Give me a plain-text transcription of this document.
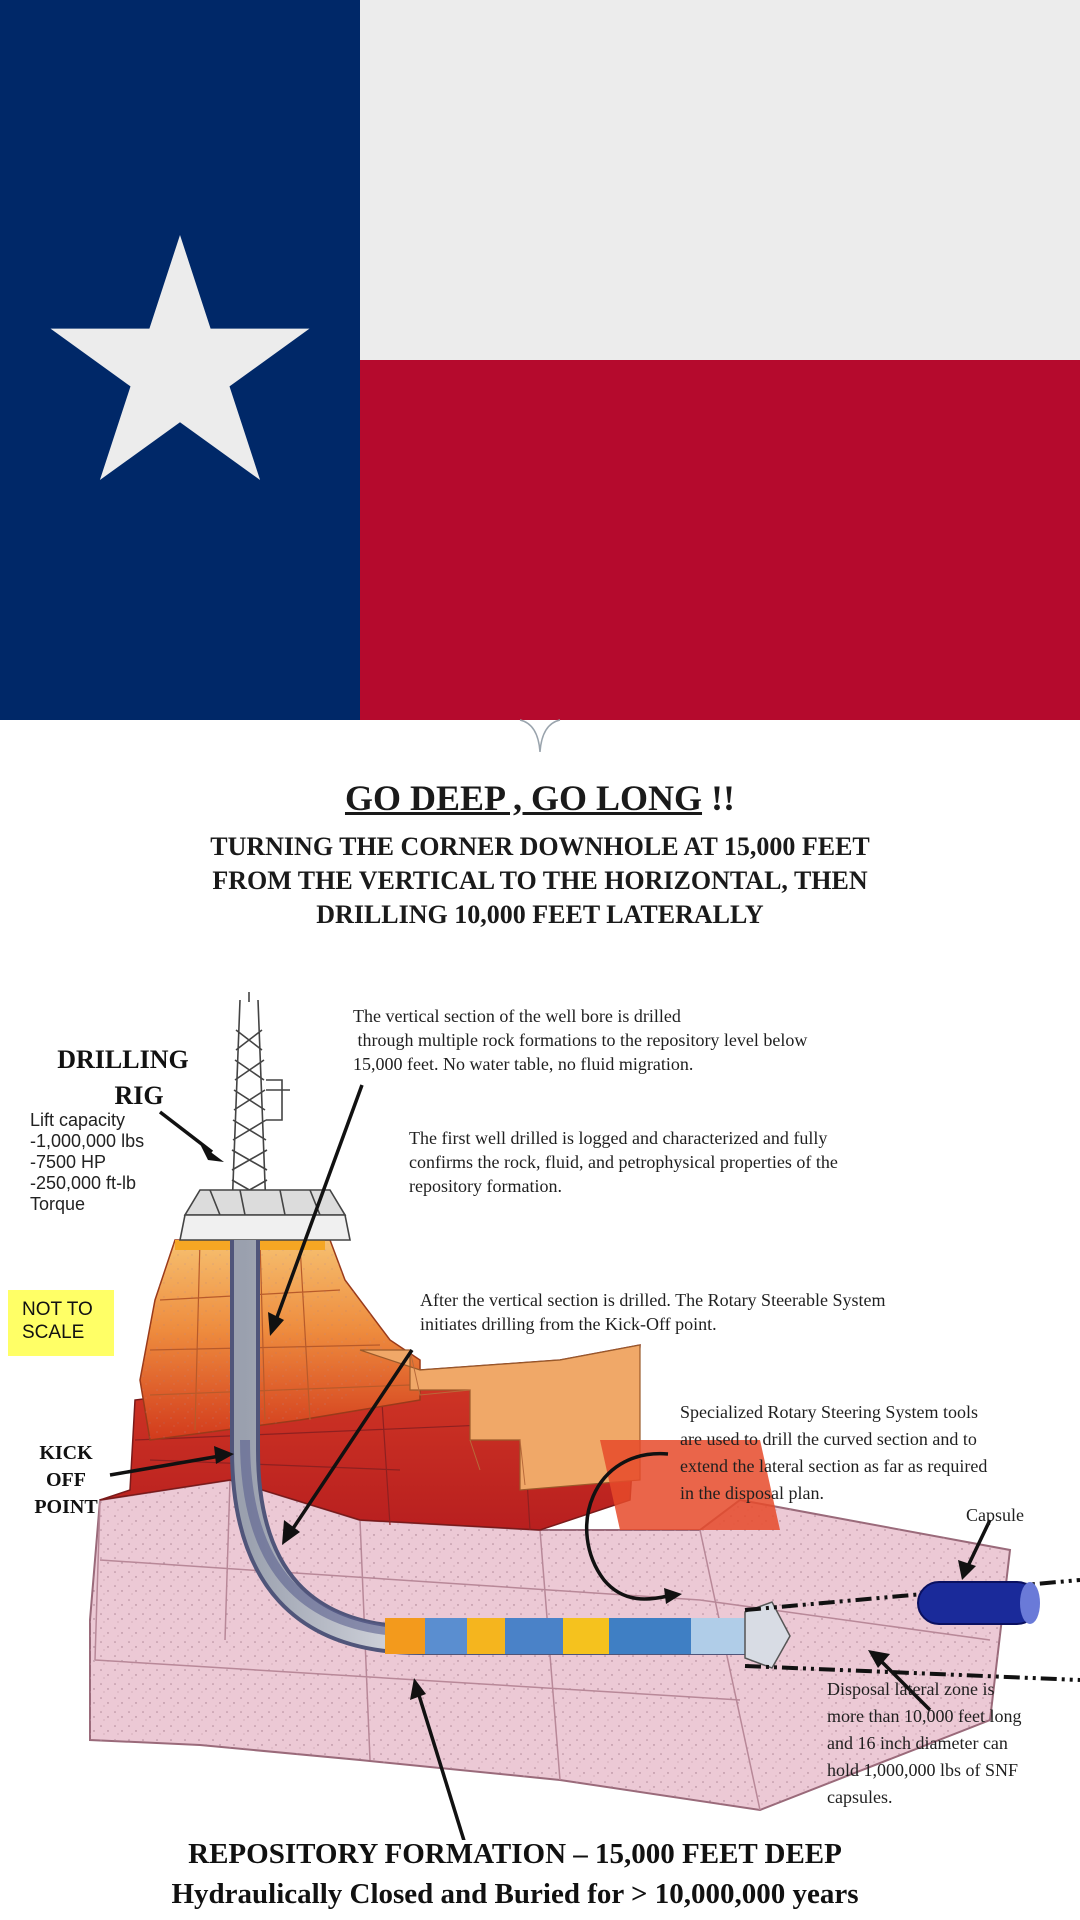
GO DEEP , GO LONG !!
TURNING THE CORNER DOWNHOLE AT 15,000 FEET
FROM THE VERTICAL TO THE HORIZONTAL, THEN
DRILLING 10,000 FEET LATERALLY
DRILLING
RIG
Lift capacity
-1,000,000 lbs
-7500 HP
-250,000 ft-lb
Torque
NOT TO
SCALE
KICK
OFF
POINT
The vertical section of the well bore is drilled
through multiple rock formations to the repository level below
15,000 feet. No water table, no fluid migration.
The first well drilled is logged and characterized and fully
confirms the rock, fluid, and petrophysical properties of the
repository formation.
After the vertical section is drilled. The Rotary Steerable System
initiates drilling from the Kick-Off point.
Specialized Rotary Steering System tools
are used to drill the curved section and to
extend the lateral section as far as required
in the disposal plan.
Capsule
Disposal lateral zone is
more than 10,000 feet long
and 16 inch diameter can
hold 1,000,000 lbs of SNF
capsules.
REPOSITORY FORMATION – 15,000 FEET DEEP
Hydraulically Closed and Buried for > 10,000,000 years
